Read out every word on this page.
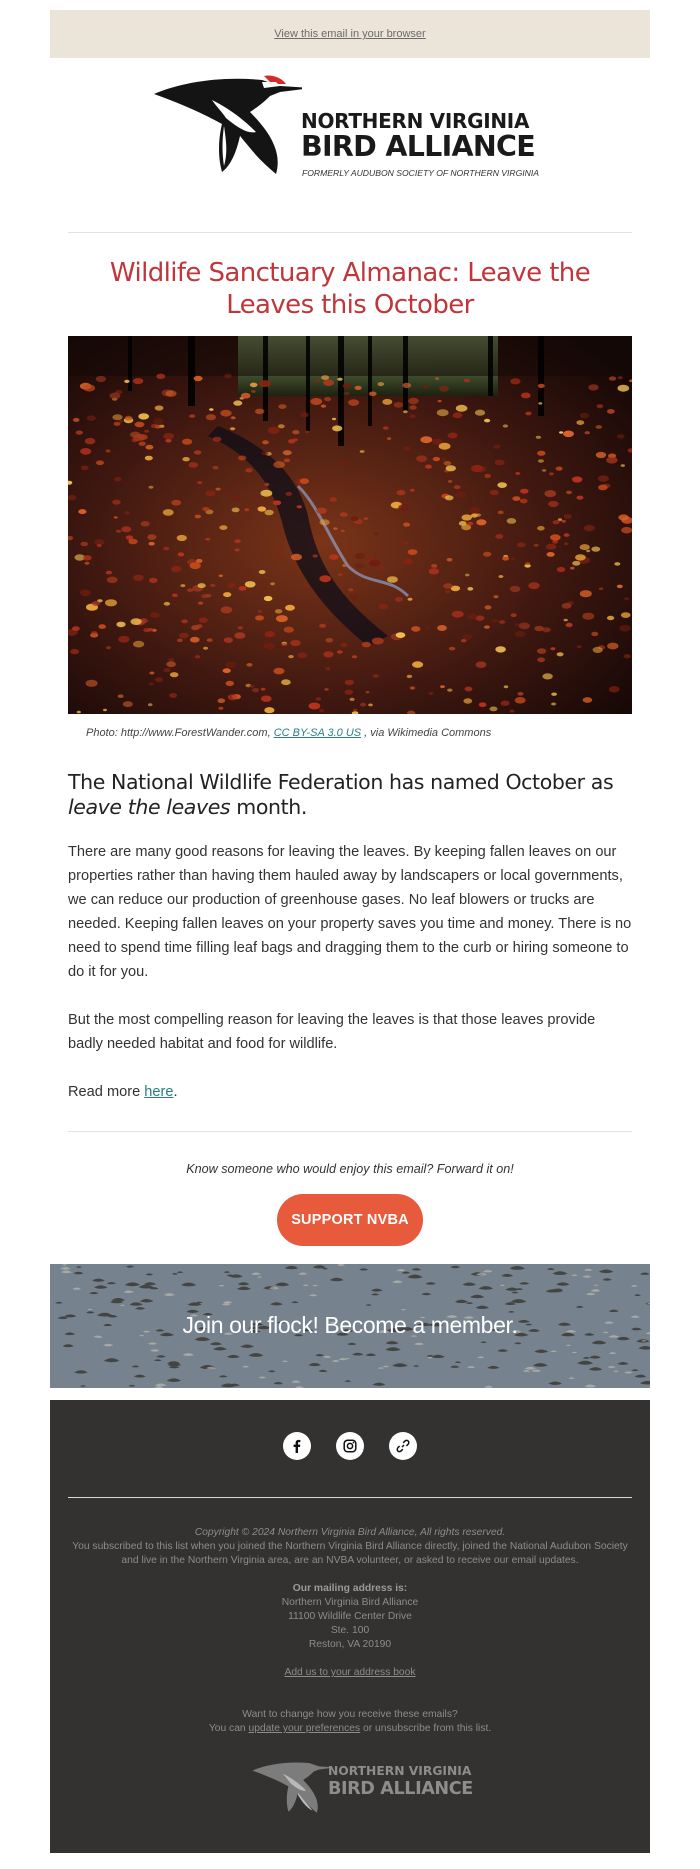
View this email in your browser
NORTHERN VIRGINIA
BIRD ALLIANCE
FORMERLY AUDUBON SOCIETY OF NORTHERN VIRGINIA
Wildlife Sanctuary Almanac: Leave the Leaves this October
Photo: http://www.ForestWander.com, CC BY-SA 3.0 US , via Wikimedia Commons
The National Wildlife Federation has named October as
leave the leaves month.

There are many good reasons for leaving the leaves. By keeping fallen leaves on our properties rather than having them hauled away by landscapers or local governments, we can reduce our production of greenhouse gases. No leaf blowers or trucks are needed. Keeping fallen leaves on your property saves you time and money. There is no need to spend time filling leaf bags and dragging them to the curb or hiring someone to do it for you.

But the most compelling reason for leaving the leaves is that those leaves provide badly needed habitat and food for wildlife.

Read more here.

Know someone who would enjoy this email? Forward it on!
SUPPORT NVBA
Join our flock! Become a member.
Copyright © 2024 Northern Virginia Bird Alliance, All rights reserved.
You subscribed to this list when you joined the Northern Virginia Bird Alliance directly, joined the National Audubon Society and live in the Northern Virginia area, are an NVBA volunteer, or asked to receive our email updates.
Our mailing address is:
Northern Virginia Bird Alliance
11100 Wildlife Center Drive
Ste. 100
Reston, VA 20190
Add us to your address book
Want to change how you receive these emails?
You can update your preferences or unsubscribe from this list.
NORTHERN VIRGINIA
BIRD ALLIANCE
